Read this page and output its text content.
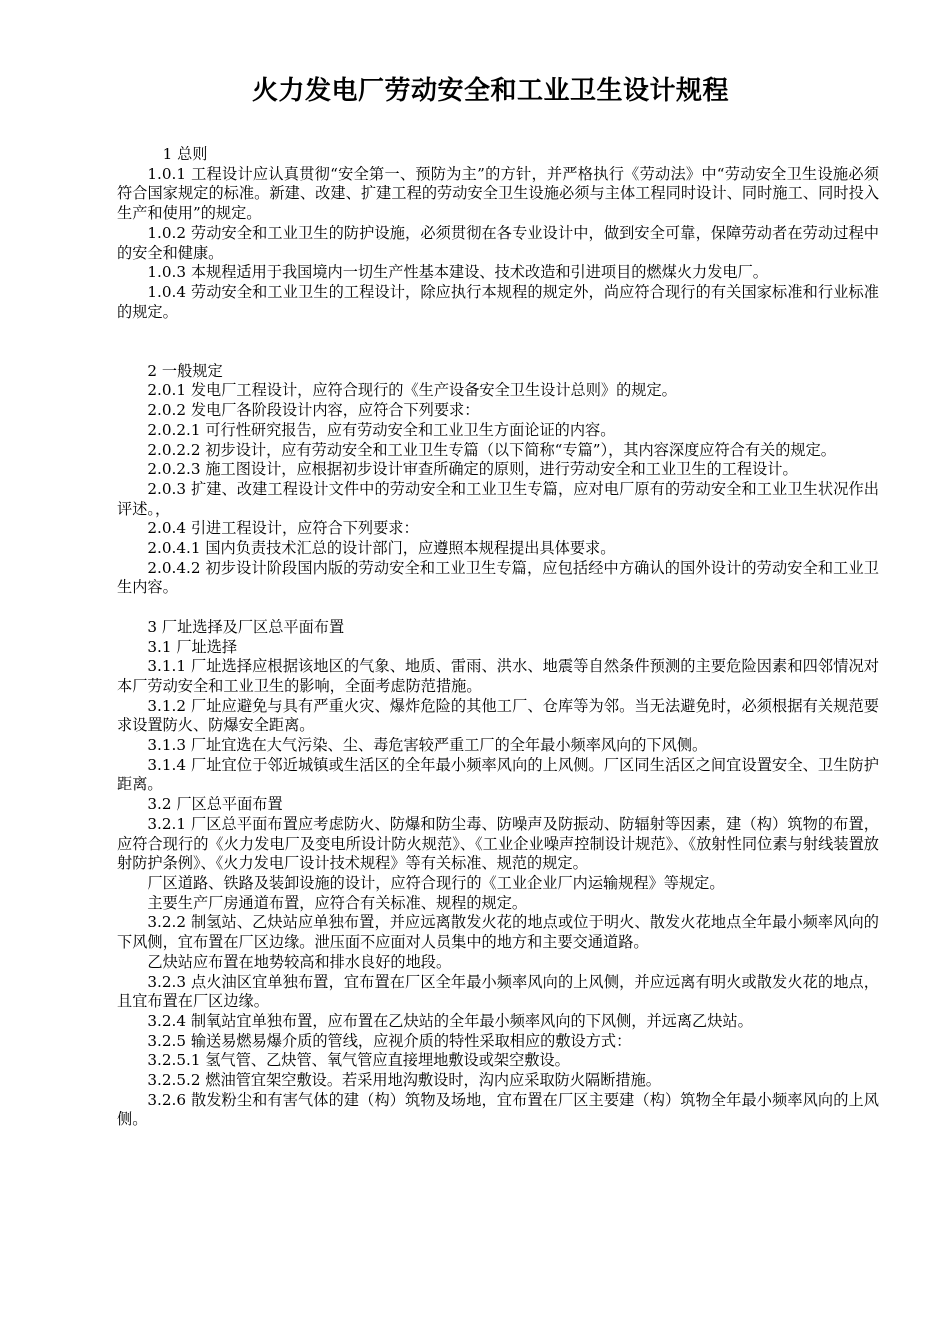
火力发电厂劳动安全和工业卫生设计规程

1 总则

1.0.1 工程设计应认真贯彻“安全第一、预防为主”的方针，并严格执行《劳动法》中“劳动安全卫生设施必须符合国家规定的标准。新建、改建、扩建工程的劳动安全卫生设施必须与主体工程同时设计、同时施工、同时投入生产和使用”的规定。

1.0.2 劳动安全和工业卫生的防护设施，必须贯彻在各专业设计中，做到安全可靠，保障劳动者在劳动过程中的安全和健康。

1.0.3 本规程适用于我国境内一切生产性基本建设、技术改造和引进项目的燃煤火力发电厂。

1.0.4 劳动安全和工业卫生的工程设计，除应执行本规程的规定外，尚应符合现行的有关国家标准和行业标准的规定。

2 一般规定

2.0.1 发电厂工程设计，应符合现行的《生产设备安全卫生设计总则》的规定。

2.0.2 发电厂各阶段设计内容，应符合下列要求：

2.0.2.1 可行性研究报告，应有劳动安全和工业卫生方面论证的内容。

2.0.2.2 初步设计，应有劳动安全和工业卫生专篇（以下简称“专篇”），其内容深度应符合有关的规定。

2.0.2.3 施工图设计，应根据初步设计审查所确定的原则，进行劳动安全和工业卫生的工程设计。

2.0.3 扩建、改建工程设计文件中的劳动安全和工业卫生专篇，应对电厂原有的劳动安全和工业卫生状况作出评述。，

2.0.4 引进工程设计，应符合下列要求：

2.0.4.1 国内负责技术汇总的设计部门，应遵照本规程提出具体要求。

2.0.4.2 初步设计阶段国内版的劳动安全和工业卫生专篇，应包括经中方确认的国外设计的劳动安全和工业卫生内容。

3 厂址选择及厂区总平面布置

3.1 厂址选择

3.1.1 厂址选择应根据该地区的气象、地质、雷雨、洪水、地震等自然条件预测的主要危险因素和四邻情况对本厂劳动安全和工业卫生的影响，全面考虑防范措施。

3.1.2 厂址应避免与具有严重火灾、爆炸危险的其他工厂、仓库等为邻。当无法避免时，必须根据有关规范要求设置防火、防爆安全距离。

3.1.3 厂址宜选在大气污染、尘、毒危害较严重工厂的全年最小频率风向的下风侧。

3.1.4 厂址宜位于邻近城镇或生活区的全年最小频率风向的上风侧。厂区同生活区之间宜设置安全、卫生防护距离。

3.2 厂区总平面布置

3.2.1 厂区总平面布置应考虑防火、防爆和防尘毒、防噪声及防振动、防辐射等因素，建（构）筑物的布置，应符合现行的《火力发电厂及变电所设计防火规范》、《工业企业噪声控制设计规范》、《放射性同位素与射线装置放射防护条例》、《火力发电厂设计技术规程》等有关标准、规范的规定。

厂区道路、铁路及装卸设施的设计，应符合现行的《工业企业厂内运输规程》等规定。

主要生产厂房通道布置，应符合有关标准、规程的规定。

3.2.2 制氢站、乙炔站应单独布置，并应远离散发火花的地点或位于明火、散发火花地点全年最小频率风向的下风侧，宜布置在厂区边缘。泄压面不应面对人员集中的地方和主要交通道路。

乙炔站应布置在地势较高和排水良好的地段。

3.2.3 点火油区宜单独布置，宜布置在厂区全年最小频率风向的上风侧，并应远离有明火或散发火花的地点，且宜布置在厂区边缘。

3.2.4 制氧站宜单独布置，应布置在乙炔站的全年最小频率风向的下风侧，并远离乙炔站。

3.2.5 输送易燃易爆介质的管线，应视介质的特性采取相应的敷设方式：

3.2.5.1 氢气管、乙炔管、氧气管应直接埋地敷设或架空敷设。

3.2.5.2 燃油管宜架空敷设。若采用地沟敷设时，沟内应采取防火隔断措施。

3.2.6 散发粉尘和有害气体的建（构）筑物及场地，宜布置在厂区主要建（构）筑物全年最小频率风向的上风侧。
